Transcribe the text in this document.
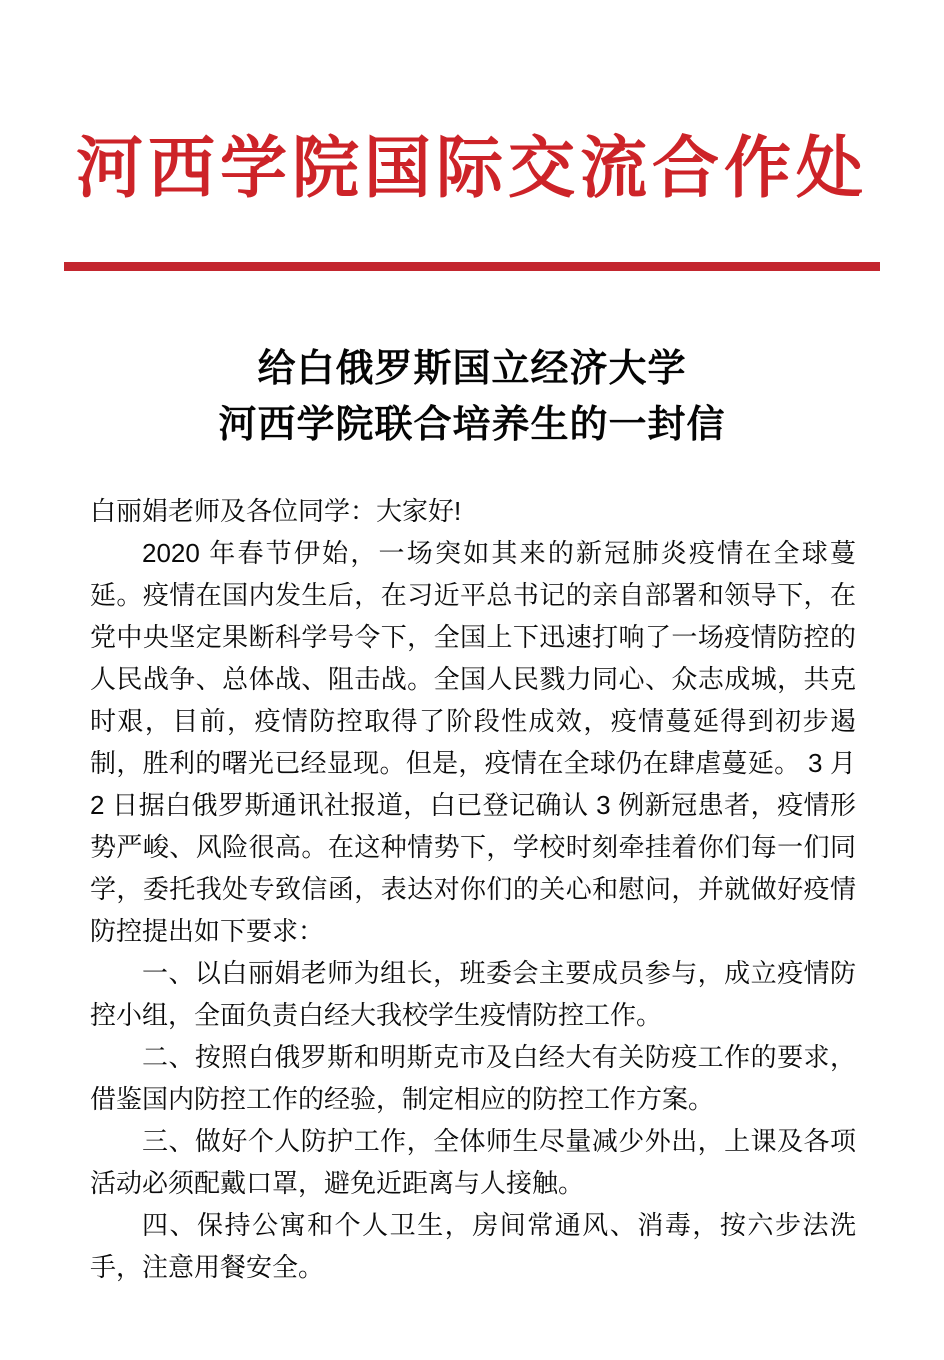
河西学院国际交流合作处
给白俄罗斯国立经济大学
河西学院联合培养生的一封信

白丽娟老师及各位同学：大家好!

2020 年春节伊始，一场突如其来的新冠肺炎疫情在全球蔓延。疫情在国内发生后，在习近平总书记的亲自部署和领导下，在党中央坚定果断科学号令下，全国上下迅速打响了一场疫情防控的人民战争、总体战、阻击战。全国人民戮力同心、众志成城，共克时艰，目前，疫情防控取得了阶段性成效，疫情蔓延得到初步遏制，胜利的曙光已经显现。但是，疫情在全球仍在肆虐蔓延。 3 月 2 日据白俄罗斯通讯社报道，白已登记确认 3 例新冠患者，疫情形势严峻、风险很高。在这种情势下，学校时刻牵挂着你们每一们同学，委托我处专致信函，表达对你们的关心和慰问，并就做好疫情防控提出如下要求：

一、以白丽娟老师为组长，班委会主要成员参与，成立疫情防控小组，全面负责白经大我校学生疫情防控工作。

二、按照白俄罗斯和明斯克市及白经大有关防疫工作的要求，借鉴国内防控工作的经验，制定相应的防控工作方案。

三、做好个人防护工作，全体师生尽量减少外出，上课及各项活动必须配戴口罩，避免近距离与人接触。

四、保持公寓和个人卫生，房间常通风、消毒，按六步法洗手，注意用餐安全。
